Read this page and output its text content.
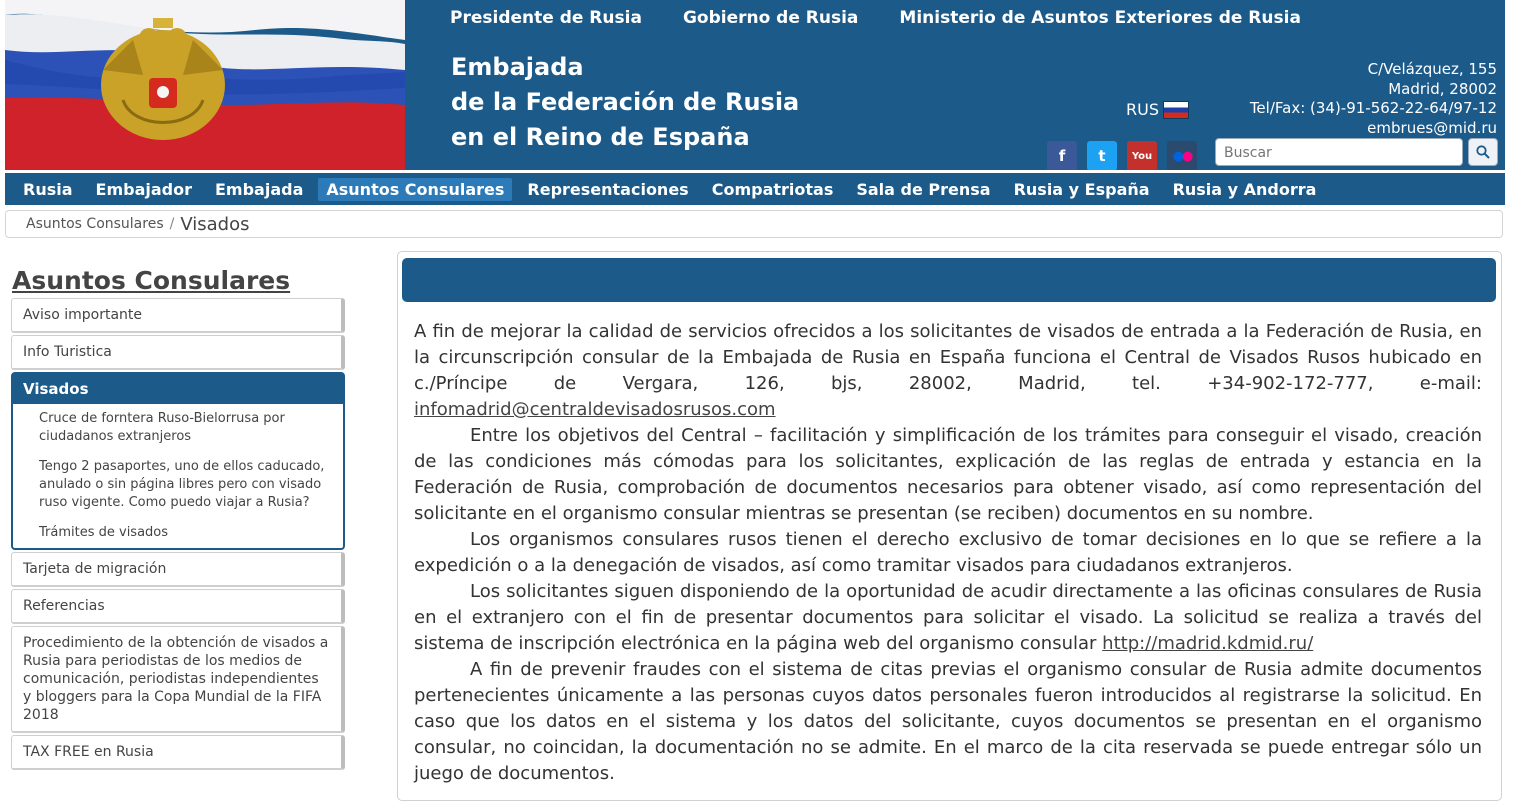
Presidente de Rusia Gobierno de Rusia Ministerio de Asuntos Exteriores de Rusia
Embajada
de la Federación de Rusia
en el Reino de España
RUS
C/Velázquez, 155
Madrid, 28002
Tel/Fax: (34)-91-562-22-64/97-12
embrues@mid.ru
f	t	You	● ●
Buscar
Rusia	Embajador	Embajada	Asuntos Consulares	Representaciones	Compatriotas	Sala de Prensa	Rusia y España	Rusia y Andorra
Asuntos Consulares / Visados
Asuntos Consulares
Aviso importante
Info Turistica
Visados
Cruce de forntera Ruso-Bielorrusa por ciudadanos extranjeros
Tengo 2 pasaportes, uno de ellos caducado, anulado o sin página libres pero con visado ruso vigente. Como puedo viajar a Rusia?
Trámites de visados
Tarjeta de migración
Referencias
Procedimiento de la obtención de visados a Rusia para periodistas de los medios de comunicación, periodistas independientes y bloggers para la Copa Mundial de la FIFA 2018
TAX FREE en Rusia

A fin de mejorar la calidad de servicios ofrecidos a los solicitantes de visados de entrada a la Federación de Rusia, en la circunscripción consular de la Embajada de Rusia en España funciona el Central de Visados Rusos hubicado en c./Príncipe de Vergara, 126, bjs, 28002, Madrid, tel. +34-902-172-777, e-mail: infomadrid@centraldevisadosrusos.com

Entre los objetivos del Central – facilitación y simplificación de los trámites para conseguir el visado, creación de las condiciones más cómodas para los solicitantes, explicación de las reglas de entrada y estancia en la Federación de Rusia, comprobación de documentos necesarios para obtener visado, así como representación del solicitante en el organismo consular mientras se presentan (se reciben) documentos en su nombre.

Los organismos consulares rusos tienen el derecho exclusivo de tomar decisiones en lo que se refiere a la expedición o a la denegación de visados, así como tramitar visados para ciudadanos extranjeros.

Los solicitantes siguen disponiendo de la oportunidad de acudir directamente a las oficinas consulares de Rusia en el extranjero con el fin de presentar documentos para solicitar el visado. La solicitud se realiza a través del sistema de inscripción electrónica en la página web del organismo consular http://madrid.kdmid.ru/

A fin de prevenir fraudes con el sistema de citas previas el organismo consular de Rusia admite documentos pertenecientes únicamente a las personas cuyos datos personales fueron introducidos al registrarse la solicitud. En caso que los datos en el sistema y los datos del solicitante, cuyos documentos se presentan en el organismo consular, no coincidan, la documentación no se admite. En el marco de la cita reservada se puede entregar sólo un juego de documentos.
